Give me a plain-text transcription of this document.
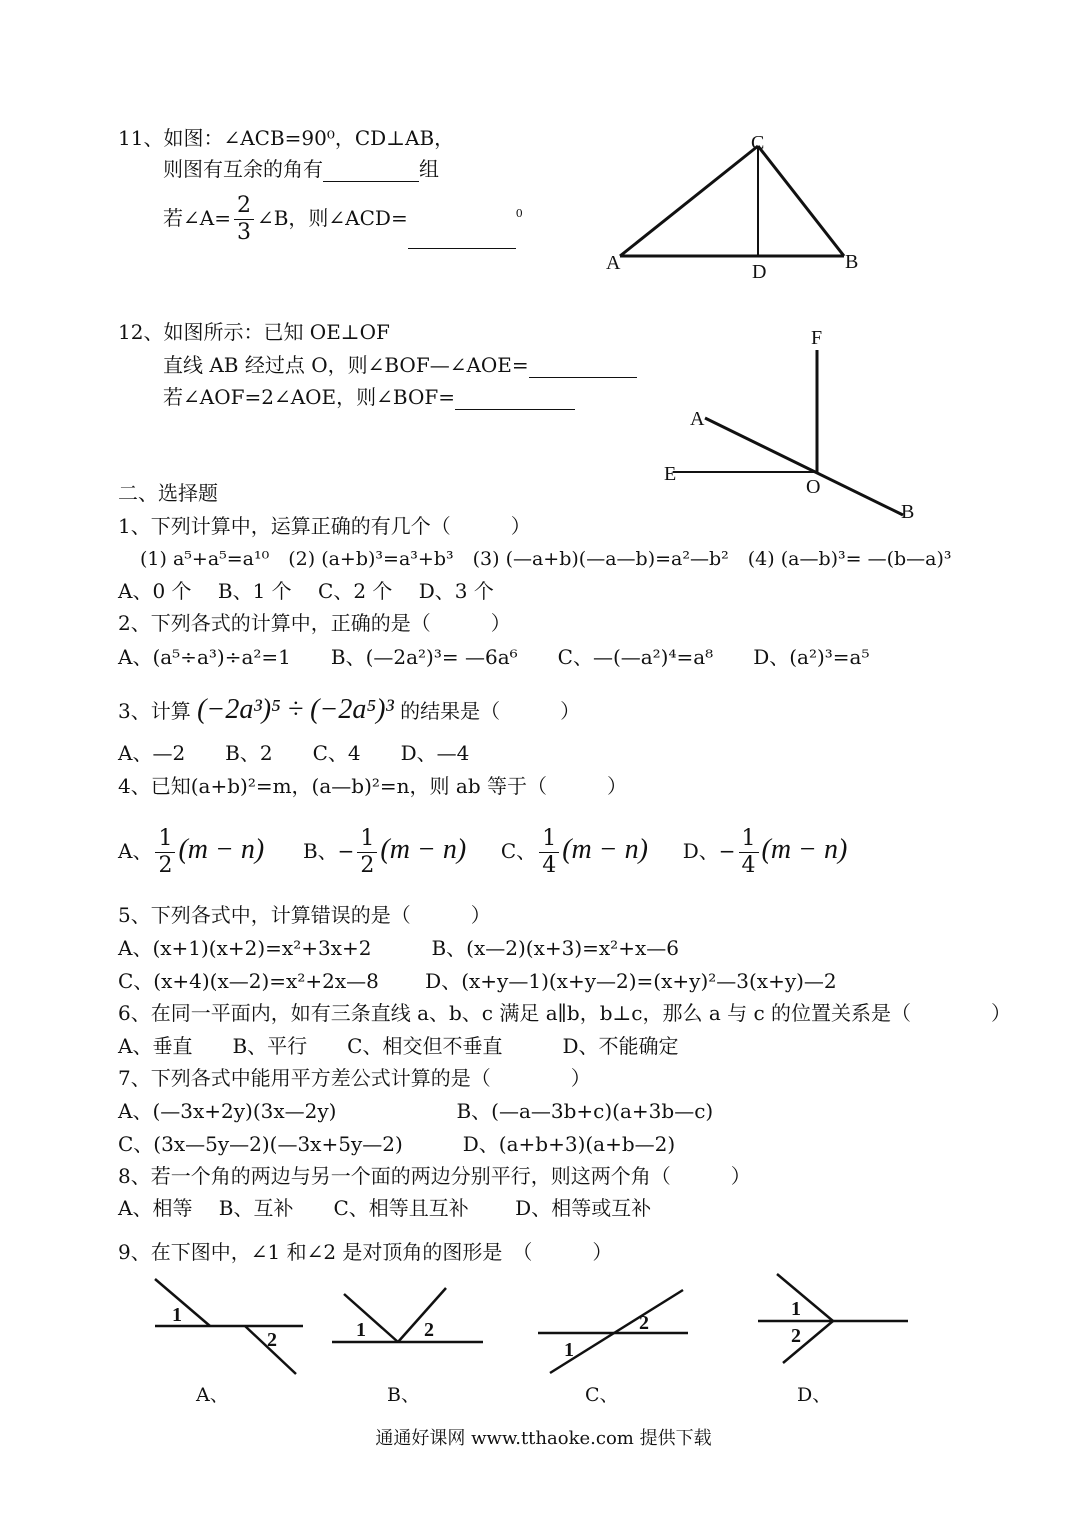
11、如图：∠ACB=90⁰，CD⊥AB，
则图有互余的角有	组
若∠A= $\frac{2}{3}$ ∠B，则∠ACD=	$^0$
C
A	B
D
12、如图所示：已知 OE⊥OF
直线 AB 经过点 O，则∠BOF—∠AOE=
若∠AOF=2∠AOE，则∠BOF=
F
A
E
O
B
二、选择题
1、下列计算中，运算正确的有几个（　　　）
(1) a⁵+a⁵=a¹⁰　(2) (a+b)³=a³+b³　(3) (—a+b)(—a—b)=a²—b²　(4) (a—b)³= —(b—a)³
A、0 个　 B、1 个　 C、2 个　 D、3 个
2、下列各式的计算中，正确的是（　　　）
A、(a⁵÷a³)÷a²=1　　B、(—2a²)³= —6a⁶　　C、—(—a²)⁴=a⁸　　D、(a²)³=a⁵
3、计算 (−2a³)⁵ ÷ (−2a⁵)³ 的结果是（　　　）
A、—2　　B、2　　C、4　　D、—4
4、已知(a+b)²=m，(a—b)²=n，则 ab 等于（　　　）
A、 $\frac{1}{2} (m - n)$ B、− $\frac{1}{2} (m - n)$ C、 $\frac{1}{4} (m - n)$ D、− $\frac{1}{4} (m - n)$
5、下列各式中，计算错误的是（　　　）
A、(x+1)(x+2)=x²+3x+2　　　B、(x—2)(x+3)=x²+x—6
C、(x+4)(x—2)=x²+2x—8　　 D、(x+y—1)(x+y—2)=(x+y)²—3(x+y)—2
6、在同一平面内，如有三条直线 a、b、c 满足 a∥b，b⊥c，那么 a 与 c 的位置关系是（　　　　）
A、垂直　　B、平行　　C、相交但不垂直　　　D、不能确定
7、下列各式中能用平方差公式计算的是（　　　　）
A、(—3x+2y)(3x—2y)　　　　　　B、(—a—3b+c)(a+3b—c)
C、(3x—5y—2)(—3x+5y—2)　　　D、(a+b+3)(a+b—2)
8、若一个角的两边与另一个面的两边分别平行，则这两个角（　　　）
A、相等　 B、互补　　C、相等且互补　　 D、相等或互补
9、在下图中，∠1 和∠2 是对顶角的图形是　（　　　）
1
2
A、
1	2
B、
2
1
C、
1
2
D、
通通好课网 www.tthaoke.com 提供下载
